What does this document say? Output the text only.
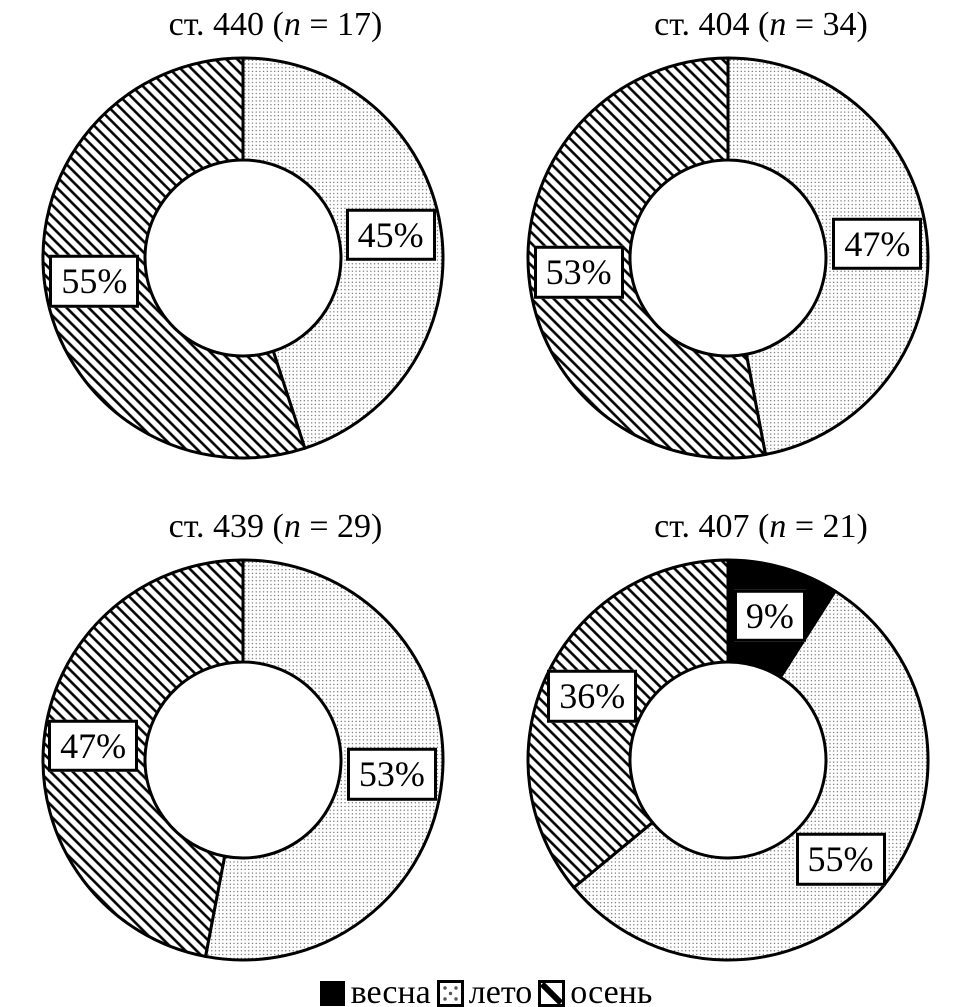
ст. 440 (n = 17)
45%
55%
ст. 404 (n = 34)
47%
53%
ст. 439 (n = 29)
53%
47%
ст. 407 (n = 21)
9%
55%
36%
весна лето осень
